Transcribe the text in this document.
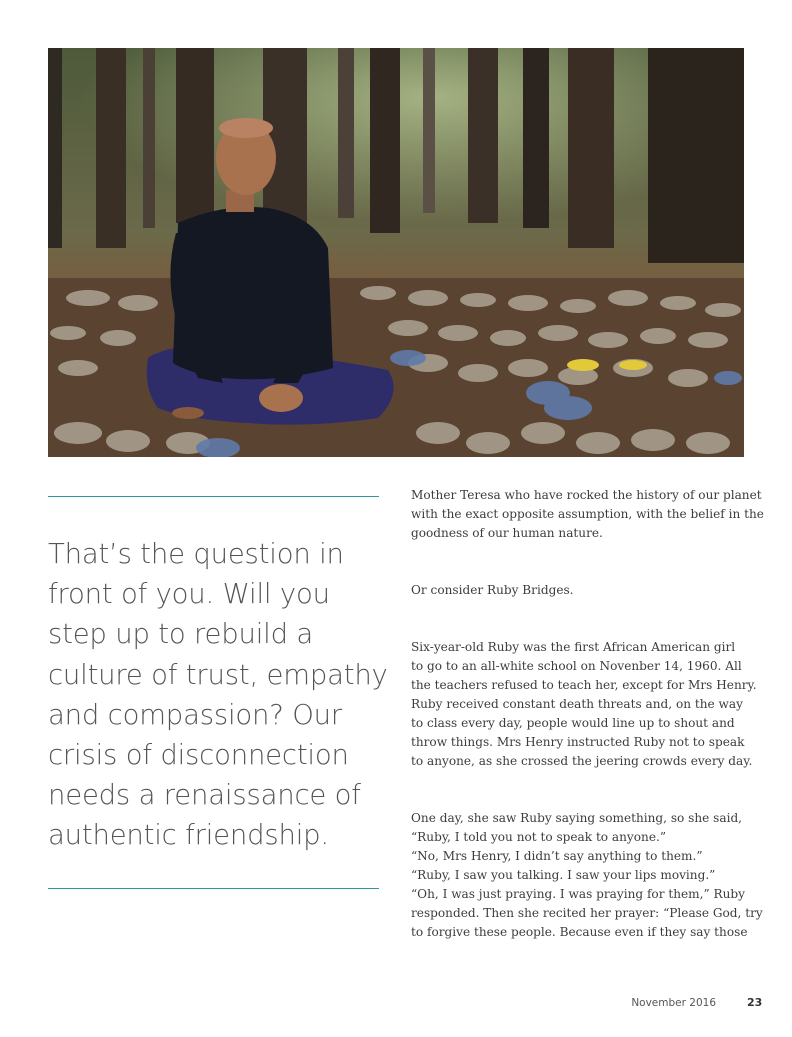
That’s the question in
front of you. Will you
step up to rebuild a
culture of trust, empathy
and compassion? Our
crisis of disconnection
needs a renaissance of
authentic friendship.

Mother Teresa who have rocked the history of our planet
with the exact opposite assumption, with the belief in the
goodness of our human nature.

Or consider Ruby Bridges.

Six-year-old Ruby was the first African American girl
to go to an all-white school on Novenber 14, 1960. All
the teachers refused to teach her, except for Mrs Henry.
Ruby received constant death threats and, on the way
to class every day, people would line up to shout and
throw things. Mrs Henry instructed Ruby not to speak
to anyone, as she crossed the jeering crowds every day.

One day, she saw Ruby saying something, so she said,
“Ruby, I told you not to speak to anyone.”
“No, Mrs Henry, I didn’t say anything to them.”
“Ruby, I saw you talking. I saw your lips moving.”
“Oh, I was just praying. I was praying for them,” Ruby
responded. Then she recited her prayer: “Please God, try
to forgive these people. Because even if they say those

November 2016	23
